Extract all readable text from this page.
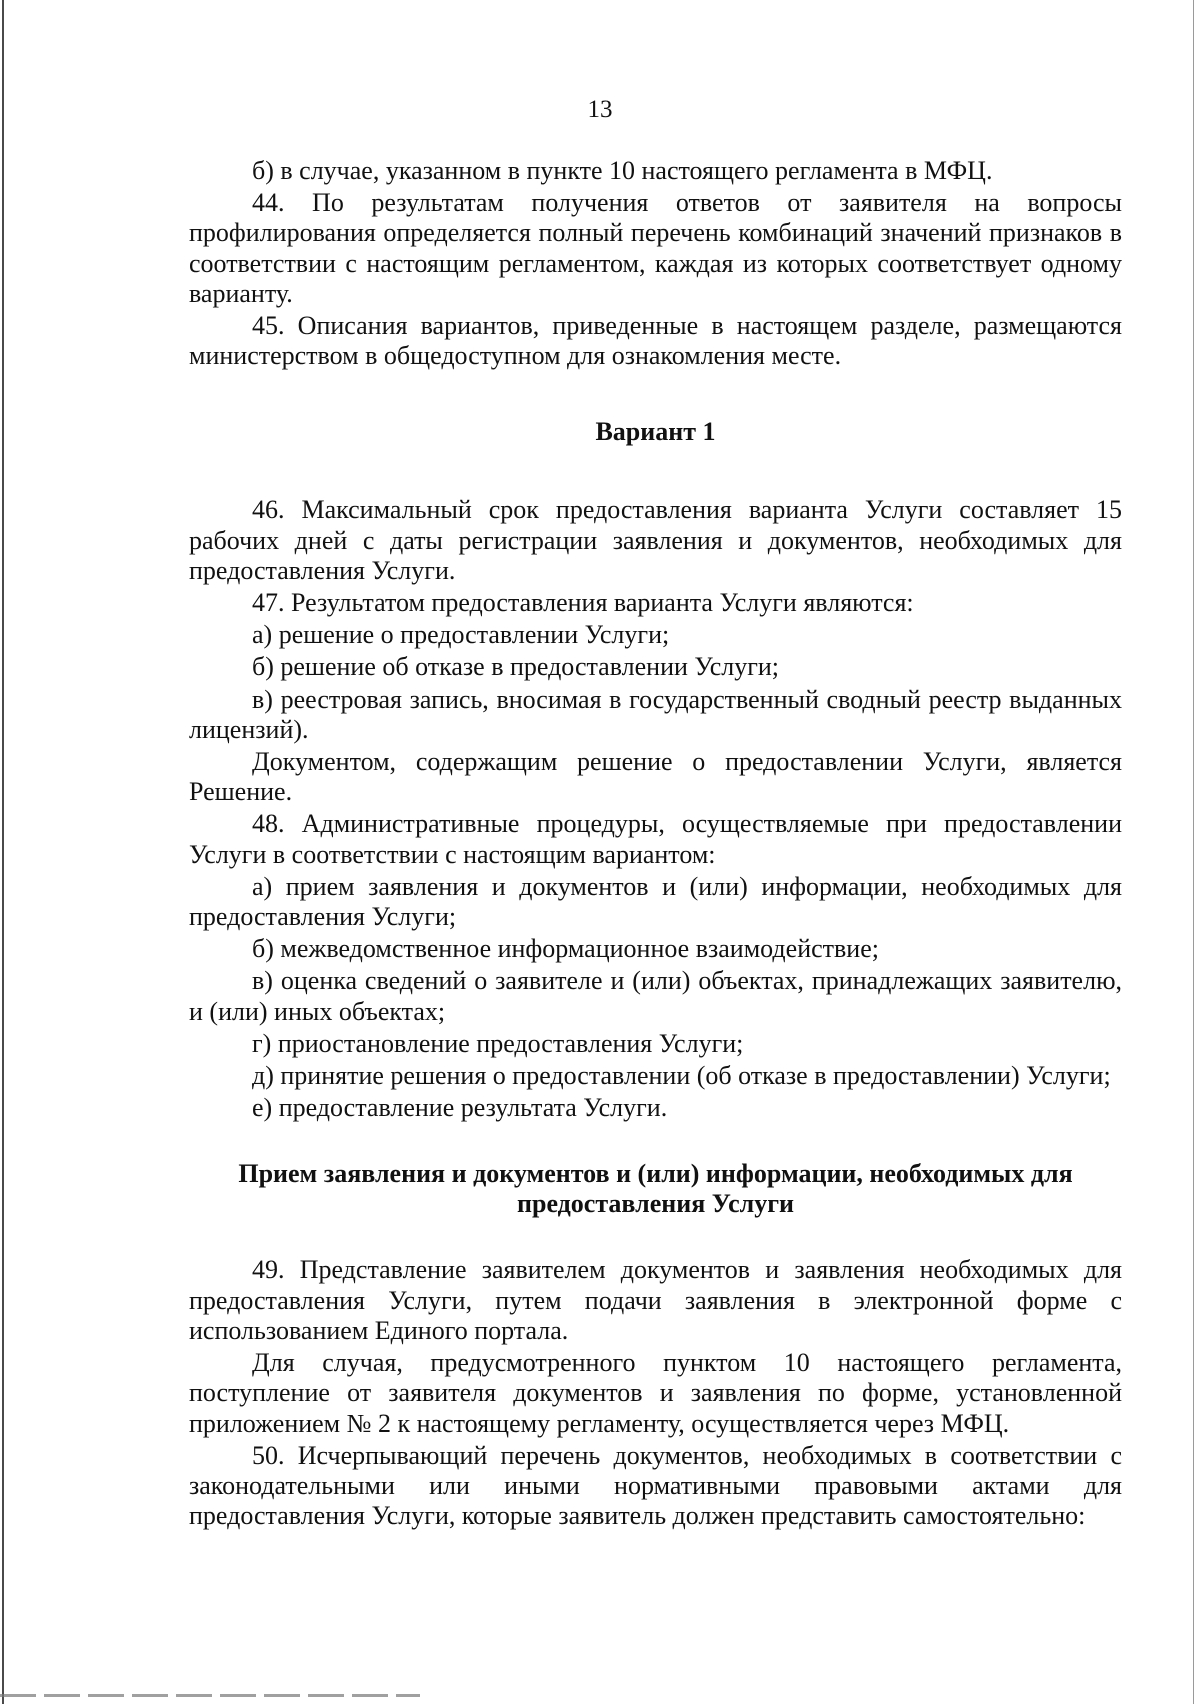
13

б) в случае, указанном в пункте 10 настоящего регламента в МФЦ.

44. По результатам получения ответов от заявителя на вопросы профилирования определяется полный перечень комбинаций значений признаков в соответствии с настоящим регламентом, каждая из которых соответствует одному варианту.

45. Описания вариантов, приведенные в настоящем разделе, размещаются министерством в общедоступном для ознакомления месте.

Вариант 1

46. Максимальный срок предоставления варианта Услуги составляет 15 рабочих дней с даты регистрации заявления и документов, необходимых для предоставления Услуги.

47. Результатом предоставления варианта Услуги являются:

а) решение о предоставлении Услуги;

б) решение об отказе в предоставлении Услуги;

в) реестровая запись, вносимая в государственный сводный реестр выданных лицензий).

Документом, содержащим решение о предоставлении Услуги, является Решение.

48. Административные процедуры, осуществляемые при предоставлении Услуги в соответствии с настоящим вариантом:

а) прием заявления и документов и (или) информации, необходимых для предоставления Услуги;

б) межведомственное информационное взаимодействие;

в) оценка сведений о заявителе и (или) объектах, принадлежащих заявителю, и (или) иных объектах;

г) приостановление предоставления Услуги;

д) принятие решения о предоставлении (об отказе в предоставлении) Услуги;

е) предоставление результата Услуги.

Прием заявления и документов и (или) информации, необходимых для
предоставления Услуги

49. Представление заявителем документов и заявления необходимых для предоставления Услуги, путем подачи заявления в электронной форме с использованием Единого портала.

Для случая, предусмотренного пунктом 10 настоящего регламента, поступление от заявителя документов и заявления по форме, установленной приложением № 2 к настоящему регламенту, осуществляется через МФЦ.

50. Исчерпывающий перечень документов, необходимых в соответствии с законодательными или иными нормативными правовыми актами для предоставления Услуги, которые заявитель должен представить самостоятельно:
